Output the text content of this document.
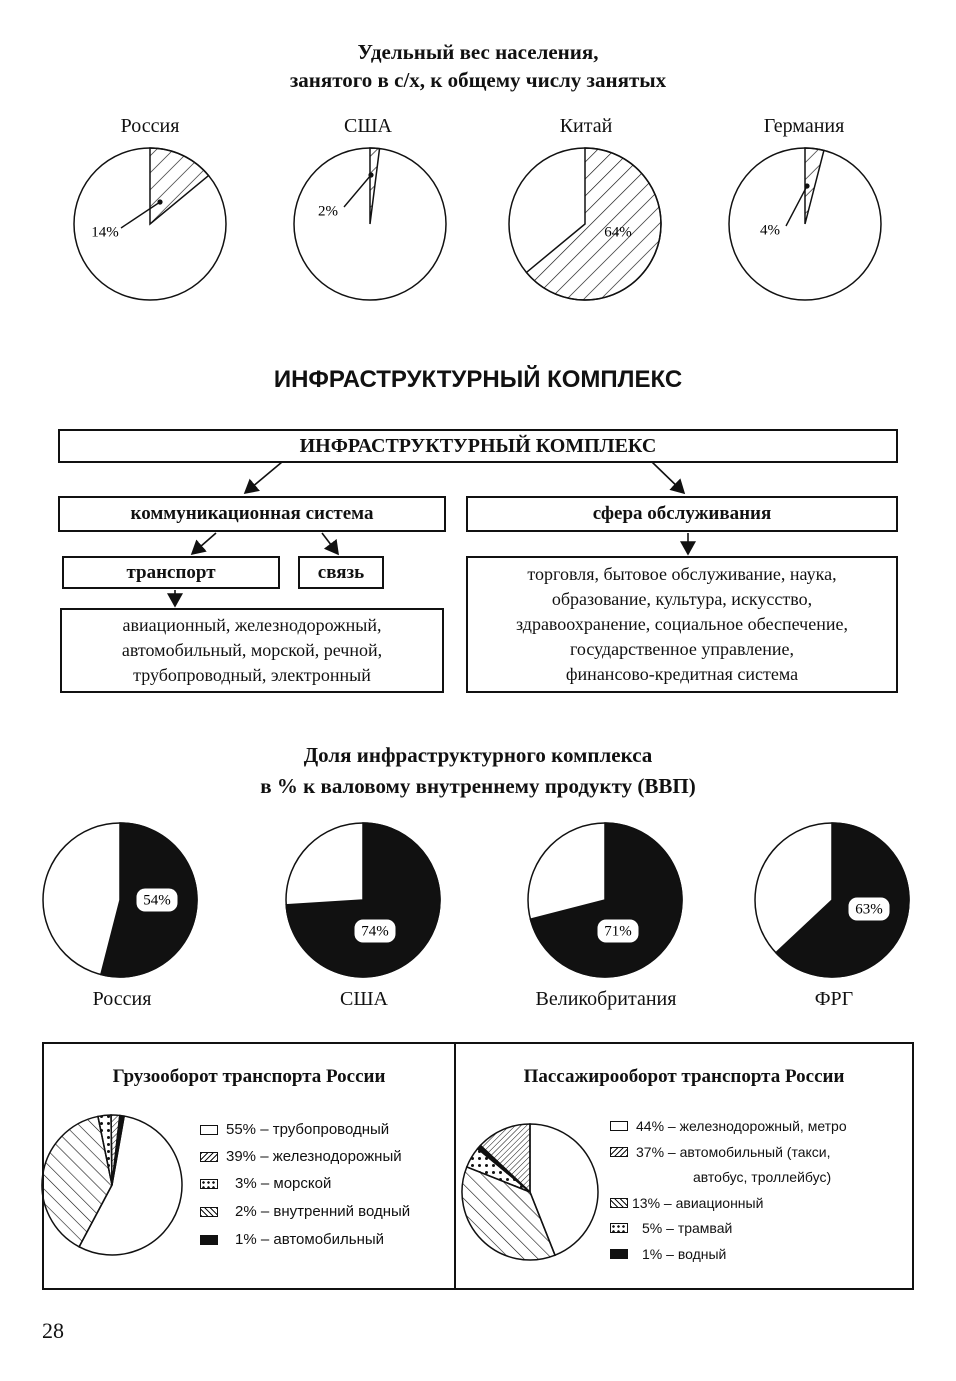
Удельный вес населения,
занятого в с/х, к общему числу занятых
Россия	США	Китай	Германия
14%
2%
64%	4%
54%
74%	71%
63%
ИНФРАСТРУКТУРНЫЙ КОМПЛЕКС
ИНФРАСТРУКТУРНЫЙ КОМПЛЕКС
коммуникационная система	сфера обслуживания
транспорт	связь
авиационный, железнодорожный,
автомобильный, морской, речной,
трубопроводный, электронный
торговля, бытовое обслуживание, наука,
образование, культура, искусство,
здравоохранение, социальное обеспечение,
государственное управление,
финансово-кредитная система
Доля инфраструктурного комплекса
в % к валовому внутреннему продукту (ВВП)
Россия	США	Великобритания	ФРГ
Грузооборот транспорта России	Пассажирооборот транспорта России
55% – трубопроводный
39% – железнодорожный
3% – морской
2% – внутренний водный
1% – автомобильный
44% – железнодорожный, метро
37% – автомобильный (такси,
автобус, троллейбус)
13% – авиационный
5% – трамвай
1% – водный
28
